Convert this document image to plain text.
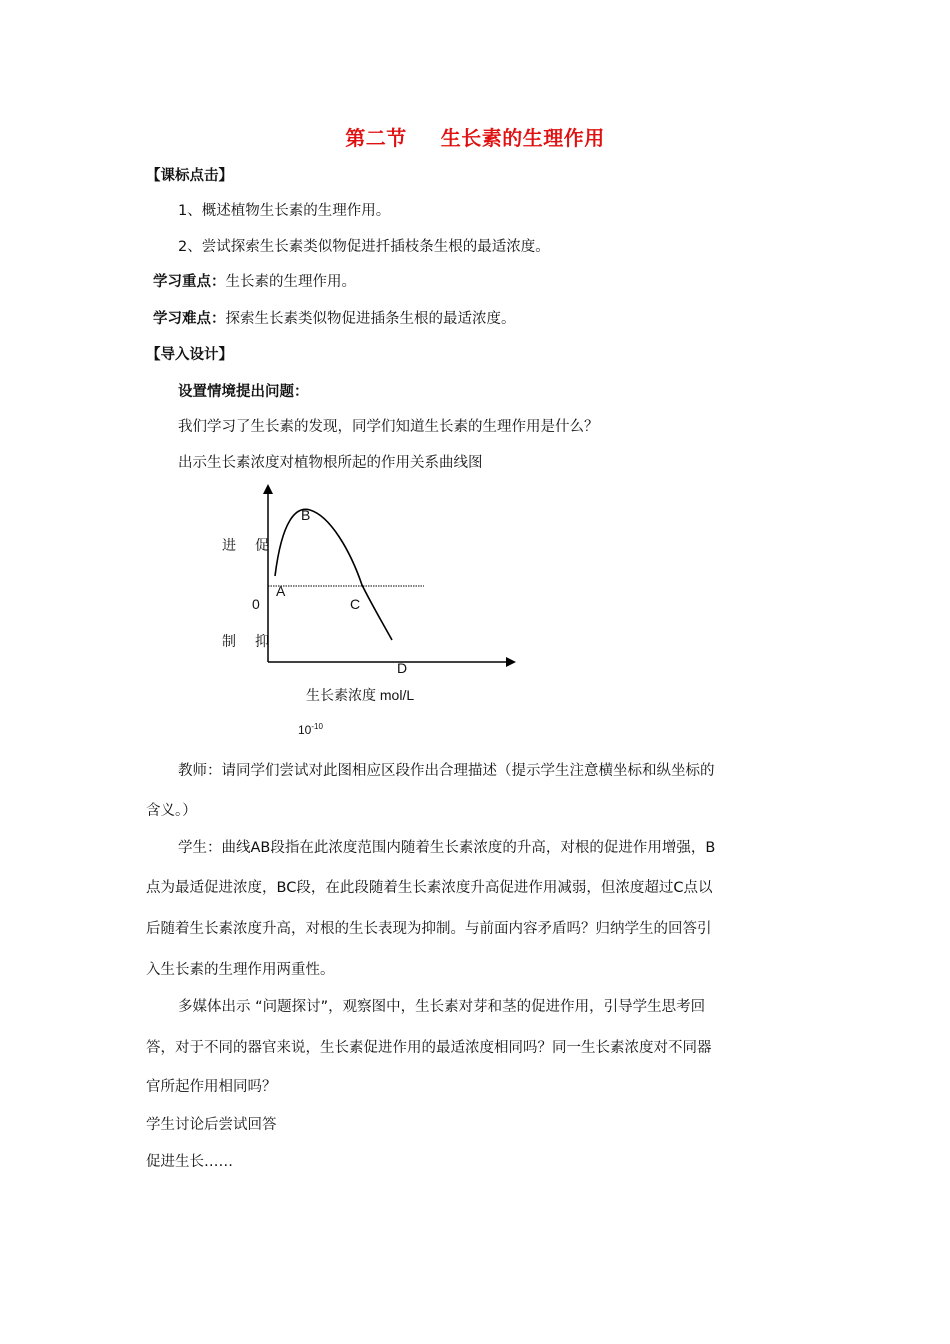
第二节 生长素的生理作用
【课标点击】
1、概述植物生长素的生理作用。
2、尝试探索生长素类似物促进扦插枝条生根的最适浓度。
学习重点：生长素的生理作用。
学习难点：探索生长素类似物促进插条生根的最适浓度。
【导入设计】
设置情境提出问题：
我们学习了生长素的发现，同学们知道生长素的生理作用是什么？
出示生长素浓度对植物根所起的作用关系曲线图
进 促
制 抑
0
B
A
C
D
生长素浓度 mol/L
$10^{-10}$
教师：请同学们尝试对此图相应区段作出合理描述（提示学生注意横坐标和纵坐标的
含义。）
学生：曲线AB段指在此浓度范围内随着生长素浓度的升高，对根的促进作用增强，B
点为最适促进浓度，BC段，在此段随着生长素浓度升高促进作用减弱，但浓度超过C点以
后随着生长素浓度升高，对根的生长表现为抑制。与前面内容矛盾吗？归纳学生的回答引
入生长素的生理作用两重性。
多媒体出示 “问题探讨”，观察图中，生长素对芽和茎的促进作用，引导学生思考回
答，对于不同的器官来说，生长素促进作用的最适浓度相同吗？同一生长素浓度对不同器
官所起作用相同吗？
学生讨论后尝试回答
促进生长……
